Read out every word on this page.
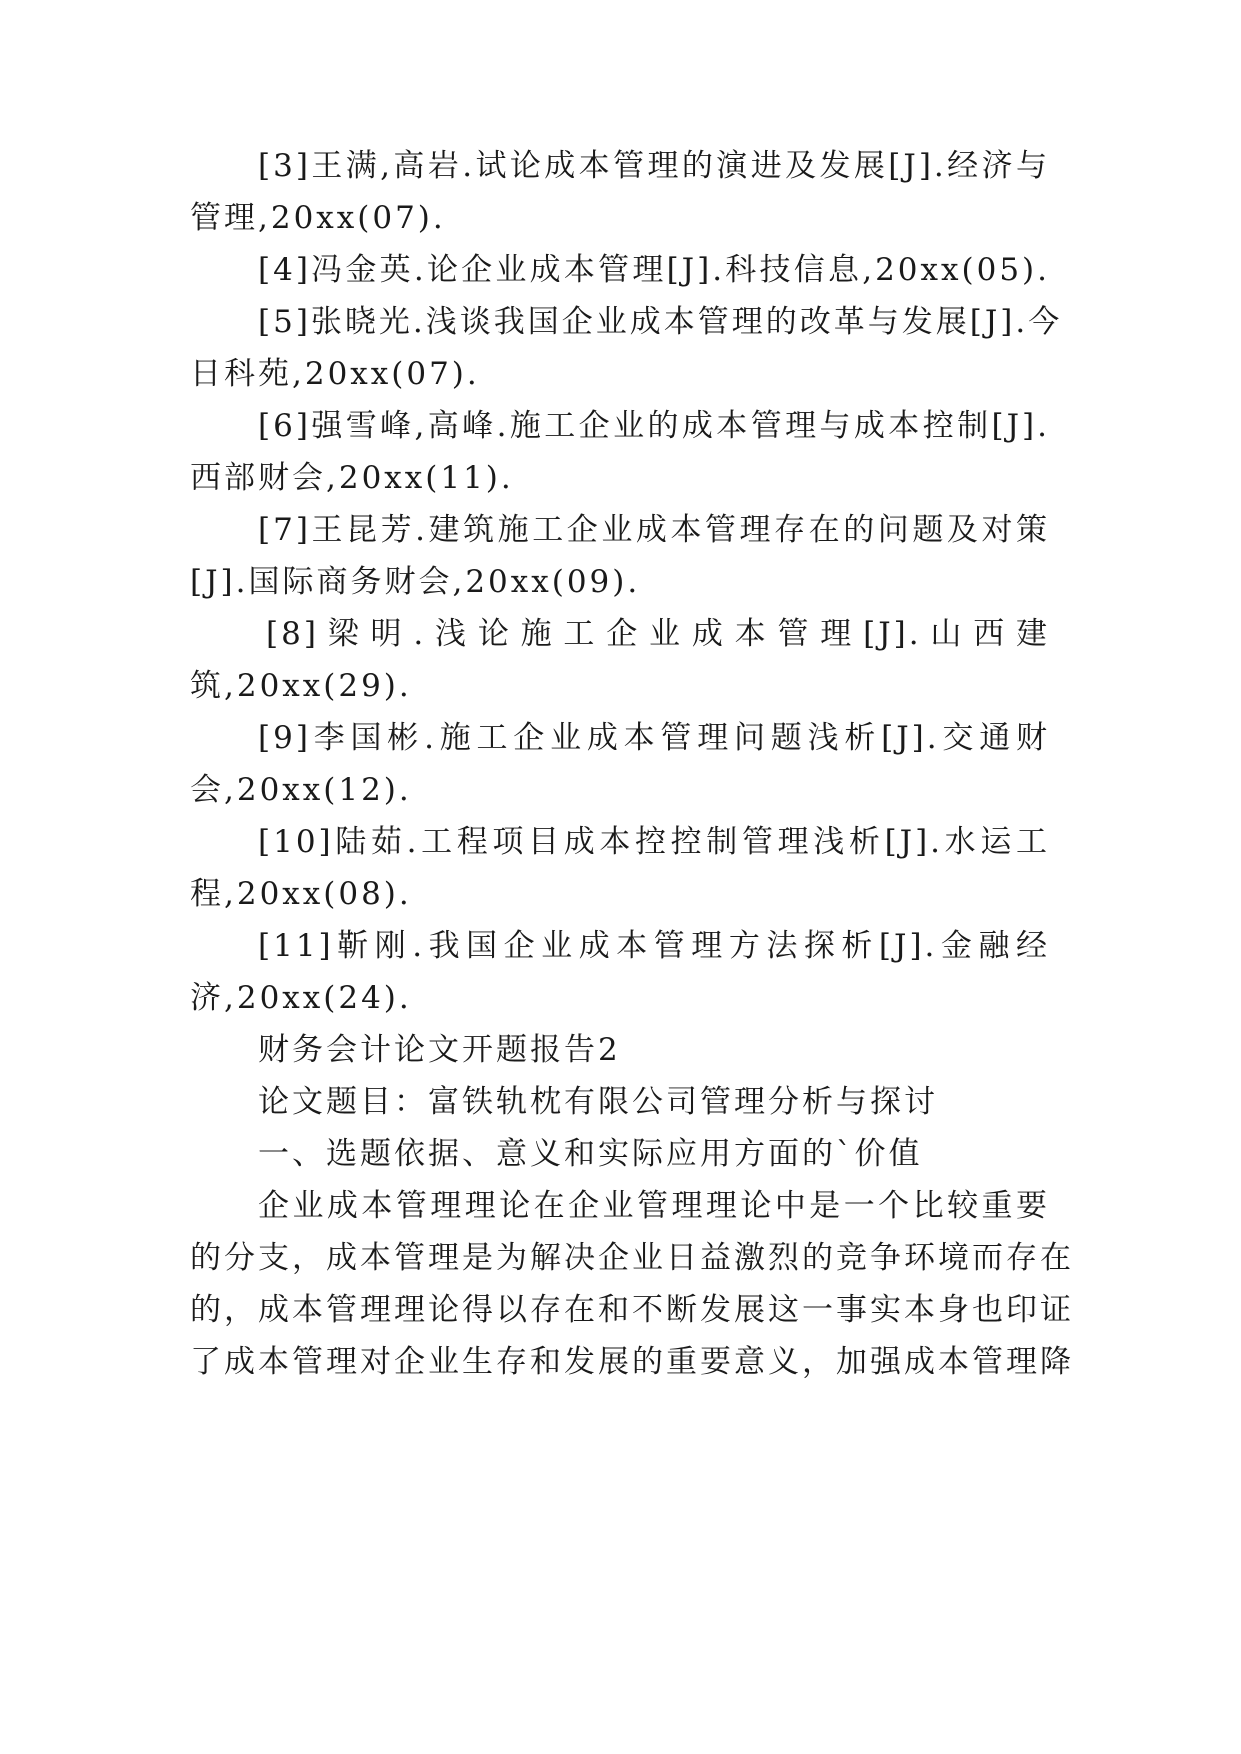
[3]王满,高岩.试论成本管理的演进及发展[J].经济与
管理,20xx(07).
[4]冯金英.论企业成本管理[J].科技信息,20xx(05).
[5]张晓光.浅谈我国企业成本管理的改革与发展[J].今
日科苑,20xx(07).
[6]强雪峰,高峰.施工企业的成本管理与成本控制[J].
西部财会,20xx(11).
[7]王昆芳.建筑施工企业成本管理存在的问题及对策
[J].国际商务财会,20xx(09).
[8]梁明.浅论施工企业成本管理[J].山西建
筑,20xx(29).
[9]李国彬.施工企业成本管理问题浅析[J].交通财
会,20xx(12).
[10]陆茹.工程项目成本控控制管理浅析[J].水运工
程,20xx(08).
[11]靳刚.我国企业成本管理方法探析[J].金融经
济,20xx(24).
财务会计论文开题报告2
论文题目：富铁轨枕有限公司管理分析与探讨
一、选题依据、意义和实际应用方面的`价值
企业成本管理理论在企业管理理论中是一个比较重要
的分支，成本管理是为解决企业日益激烈的竞争环境而存在
的，成本管理理论得以存在和不断发展这一事实本身也印证
了成本管理对企业生存和发展的重要意义，加强成本管理降
